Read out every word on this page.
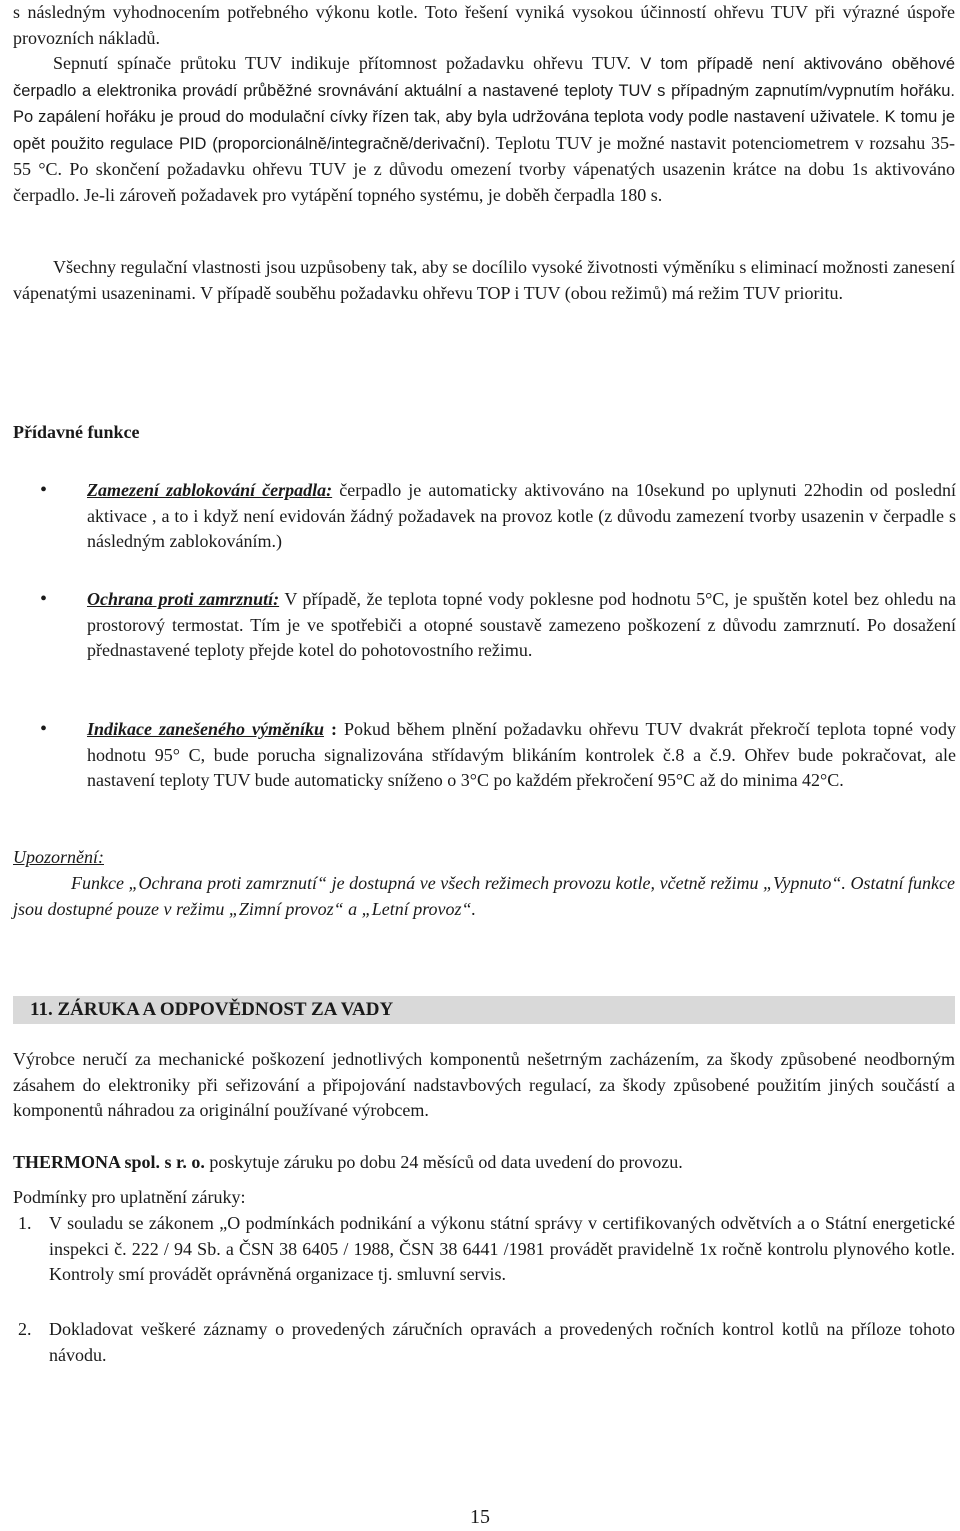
s následným vyhodnocením potřebného výkonu kotle. Toto řešení vyniká vysokou účinností ohřevu TUV při výrazné úspoře provozních nákladů.

Sepnutí spínače průtoku TUV indikuje přítomnost požadavku ohřevu TUV. V tom případě není aktivováno oběhové čerpadlo a elektronika provádí průběžné srovnávání aktuální a nastavené teploty TUV s případným zapnutím/vypnutím hořáku. Po zapálení hořáku je proud do modulační cívky řízen tak, aby byla udržována teplota vody podle nastavení uživatele. K tomu je opět použito regulace PID (proporcionálně/integračně/derivační). Teplotu TUV je možné nastavit potenciometrem v rozsahu 35-55 °C. Po skončení požadavku ohřevu TUV je z důvodu omezení tvorby vápenatých usazenin krátce na dobu 1s aktivováno čerpadlo. Je-li zároveň požadavek pro vytápění topného systému, je doběh čerpadla 180 s.

Všechny regulační vlastnosti jsou uzpůsobeny tak, aby se docílilo vysoké životnosti výměníku s eliminací možnosti zanesení vápenatými usazeninami. V případě souběhu požadavku ohřevu TOP i TUV (obou režimů) má režim TUV prioritu.

Přídavné funkce

• Zamezení zablokování čerpadla: čerpadlo je automaticky aktivováno na 10sekund po uplynuti 22hodin od poslední aktivace , a to i když není evidován žádný požadavek na provoz kotle (z důvodu zamezení tvorby usazenin v čerpadle s následným zablokováním.)
• Ochrana proti zamrznutí: V případě, že teplota topné vody poklesne pod hodnotu 5°C, je spuštěn kotel bez ohledu na prostorový termostat. Tím je ve spotřebiči a otopné soustavě zamezeno poškození z důvodu zamrznutí. Po dosažení přednastavené teploty přejde kotel do pohotovostního režimu.
• Indikace zanešeného výměníku : Pokud během plnění požadavku ohřevu TUV dvakrát překročí teplota topné vody hodnotu 95° C, bude porucha signalizována střídavým blikáním kontrolek č.8 a č.9. Ohřev bude pokračovat, ale nastavení teploty TUV bude automaticky sníženo o 3°C po každém překročení 95°C až do minima 42°C.

Upozornění:

Funkce „Ochrana proti zamrznutí“ je dostupná ve všech režimech provozu kotle, včetně režimu „Vypnuto“. Ostatní funkce jsou dostupné pouze v režimu „Zimní provoz“ a „Letní provoz“.

11. ZÁRUKA A ODPOVĚDNOST ZA VADY

Výrobce neručí za mechanické poškození jednotlivých komponentů nešetrným zacházením, za škody způsobené neodborným zásahem do elektroniky při seřizování a připojování nadstavbových regulací, za škody způsobené použitím jiných součástí a komponentů náhradou za originální používané výrobcem.

THERMONA spol. s r. o. poskytuje záruku po dobu 24 měsíců od data uvedení do provozu.

Podmínky pro uplatnění záruky:

1. V souladu se zákonem „O podmínkách podnikání a výkonu státní správy v certifikovaných odvětvích a o Státní energetické inspekci č. 222 / 94 Sb. a ČSN 38 6405 / 1988, ČSN 38 6441 /1981 provádět pravidelně 1x ročně kontrolu plynového kotle. Kontroly smí provádět oprávněná organizace tj. smluvní servis.
2. Dokladovat veškeré záznamy o provedených záručních opravách a provedených ročních kontrol kotlů na příloze tohoto návodu.
15
